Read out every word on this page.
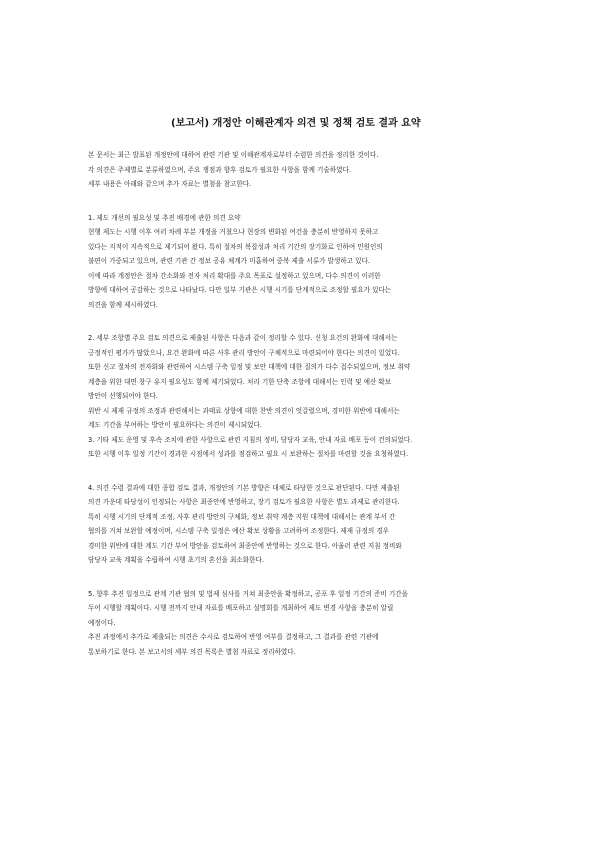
(보고서) 개정안 이해관계자 의견 및 정책 검토 결과 요약
본 문서는 최근 발표된 개정안에 대하여 관련 기관 및 이해관계자로부터 수렴한 의견을 정리한 것이다.
각 의견은 주제별로 분류하였으며, 주요 쟁점과 향후 검토가 필요한 사항을 함께 기술하였다.
세부 내용은 아래와 같으며 추가 자료는 별첨을 참고한다.
1. 제도 개선의 필요성 및 추진 배경에 관한 의견 요약
현행 제도는 시행 이후 여러 차례 부분 개정을 거쳤으나 현장의 변화된 여건을 충분히 반영하지 못하고
있다는 지적이 지속적으로 제기되어 왔다. 특히 절차의 복잡성과 처리 기간의 장기화로 인하여 민원인의
불편이 가중되고 있으며, 관련 기관 간 정보 공유 체계가 미흡하여 중복 제출 서류가 발생하고 있다.
이에 따라 개정안은 절차 간소화와 전자 처리 확대를 주요 목표로 설정하고 있으며, 다수 의견이 이러한
방향에 대하여 공감하는 것으로 나타났다. 다만 일부 기관은 시행 시기를 단계적으로 조정할 필요가 있다는
의견을 함께 제시하였다.
2. 세부 조항별 주요 검토 의견으로 제출된 사항은 다음과 같이 정리할 수 있다. 신청 요건의 완화에 대해서는
긍정적인 평가가 많았으나, 요건 완화에 따른 사후 관리 방안이 구체적으로 마련되어야 한다는 의견이 있었다.
또한 신고 절차의 전자화와 관련하여 시스템 구축 일정 및 보안 대책에 대한 질의가 다수 접수되었으며, 정보 취약
계층을 위한 대면 창구 유지 필요성도 함께 제기되었다. 처리 기한 단축 조항에 대해서는 인력 및 예산 확보
방안이 선행되어야 한다.
위반 시 제재 규정의 조정과 관련해서는 과태료 상향에 대한 찬반 의견이 엇갈렸으며, 경미한 위반에 대해서는
계도 기간을 부여하는 방안이 필요하다는 의견이 제시되었다.
3. 기타 제도 운영 및 후속 조치에 관한 사항으로 관련 지침의 정비, 담당자 교육, 안내 자료 배포 등이 건의되었다.
또한 시행 이후 일정 기간이 경과한 시점에서 성과를 점검하고 필요 시 보완하는 절차를 마련할 것을 요청하였다.
4. 의견 수렴 결과에 대한 종합 검토 결과, 개정안의 기본 방향은 대체로 타당한 것으로 판단된다. 다만 제출된
의견 가운데 타당성이 인정되는 사항은 최종안에 반영하고, 장기 검토가 필요한 사항은 별도 과제로 관리한다.
특히 시행 시기의 단계적 조정, 사후 관리 방안의 구체화, 정보 취약 계층 지원 대책에 대해서는 관계 부서 간
협의를 거쳐 보완할 예정이며, 시스템 구축 일정은 예산 확보 상황을 고려하여 조정한다. 제재 규정의 경우
경미한 위반에 대한 계도 기간 부여 방안을 검토하여 최종안에 반영하는 것으로 한다. 아울러 관련 지침 정비와
담당자 교육 계획을 수립하여 시행 초기의 혼선을 최소화한다.
5. 향후 추진 일정으로 관계 기관 협의 및 법제 심사를 거쳐 최종안을 확정하고, 공포 후 일정 기간의 준비 기간을
두어 시행할 계획이다. 시행 전까지 안내 자료를 배포하고 설명회를 개최하여 제도 변경 사항을 충분히 알릴
예정이다.
추진 과정에서 추가로 제출되는 의견은 수시로 검토하여 반영 여부를 결정하고, 그 결과를 관련 기관에
통보하기로 한다. 본 보고서의 세부 의견 목록은 별첨 자료로 정리하였다.
